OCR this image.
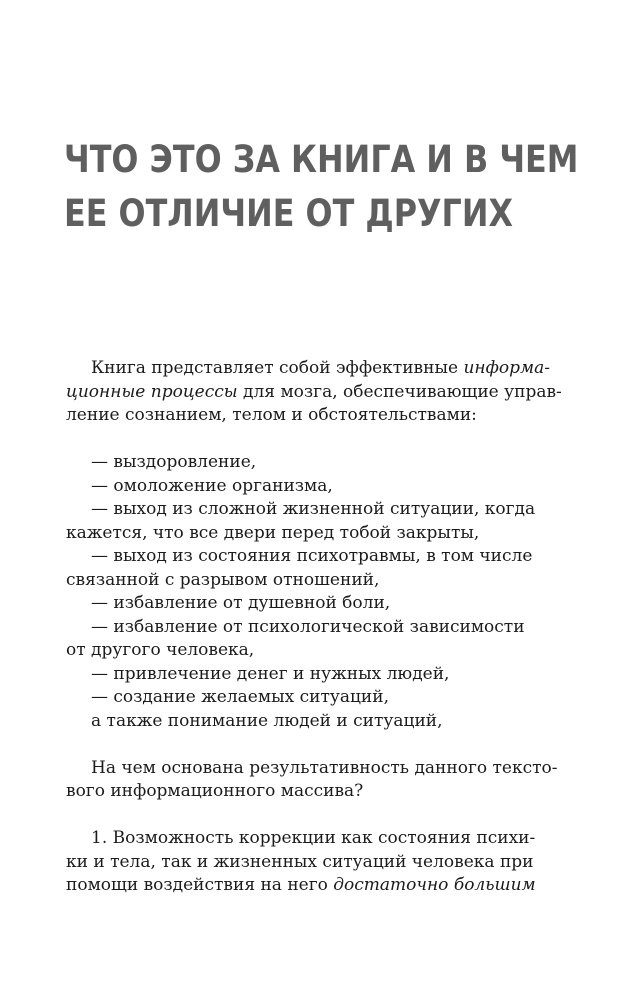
ЧТО ЭТО ЗА КНИГА И В ЧЕМ
ЕЕ ОТЛИЧИЕ ОТ ДРУГИХ
Книга представляет собой эффективные информа-
ционные процессы для мозга, обеспечивающие управ-
ление сознанием, телом и обстоятельствами:
— выздоровление,
— омоложение организма,
— выход из сложной жизненной ситуации, когда
кажется, что все двери перед тобой закрыты,
— выход из состояния психотравмы, в том числе
связанной с разрывом отношений,
— избавление от душевной боли,
— избавление от психологической зависимости
от другого человека,
— привлечение денег и нужных людей,
— создание желаемых ситуаций,
а также понимание людей и ситуаций,
На чем основана результативность данного тексто-
вого информационного массива?
1. Возможность коррекции как состояния психи-
ки и тела, так и жизненных ситуаций человека при
помощи воздействия на него достаточно большим
